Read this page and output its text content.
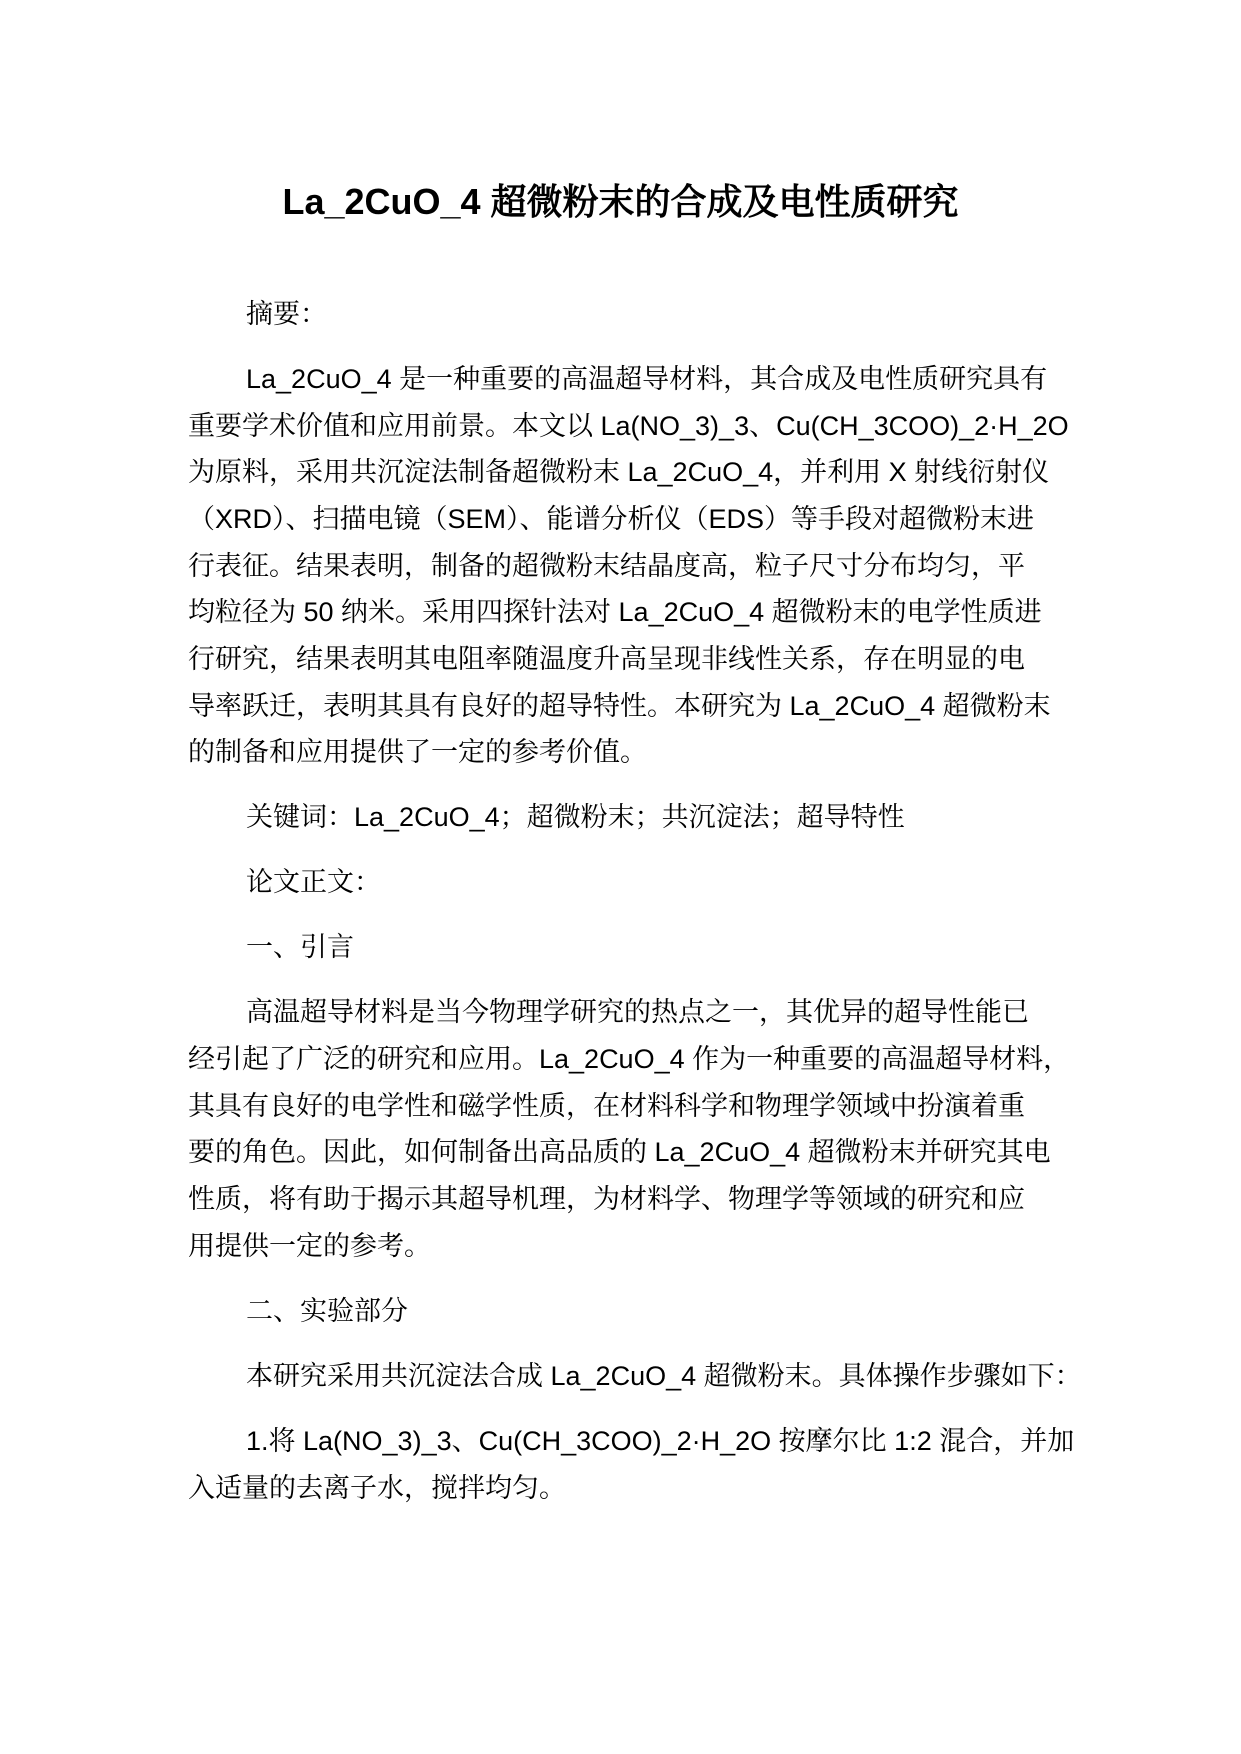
La_2CuO_4 超微粉末的合成及电性质研究
摘要：
La_2CuO_4 是一种重要的高温超导材料，其合成及电性质研究具有
重要学术价值和应用前景。本文以 La(NO_3)_3、Cu(CH_3COO)_2·H_2O
为原料，采用共沉淀法制备超微粉末 La_2CuO_4，并利用 X 射线衍射仪
（XRD）、扫描电镜（SEM）、能谱分析仪（EDS）等手段对超微粉末进
行表征。结果表明，制备的超微粉末结晶度高，粒子尺寸分布均匀，平
均粒径为 50 纳米。采用四探针法对 La_2CuO_4 超微粉末的电学性质进
行研究，结果表明其电阻率随温度升高呈现非线性关系，存在明显的电
导率跃迁，表明其具有良好的超导特性。本研究为 La_2CuO_4 超微粉末
的制备和应用提供了一定的参考价值。
关键词：La_2CuO_4；超微粉末；共沉淀法；超导特性
论文正文：
一、引言
高温超导材料是当今物理学研究的热点之一，其优异的超导性能已
经引起了广泛的研究和应用。La_2CuO_4 作为一种重要的高温超导材料，
其具有良好的电学性和磁学性质，在材料科学和物理学领域中扮演着重
要的角色。因此，如何制备出高品质的 La_2CuO_4 超微粉末并研究其电
性质，将有助于揭示其超导机理，为材料学、物理学等领域的研究和应
用提供一定的参考。
二、实验部分
本研究采用共沉淀法合成 La_2CuO_4 超微粉末。具体操作步骤如下：
1.将 La(NO_3)_3、Cu(CH_3COO)_2·H_2O 按摩尔比 1:2 混合，并加
入适量的去离子水，搅拌均匀。
